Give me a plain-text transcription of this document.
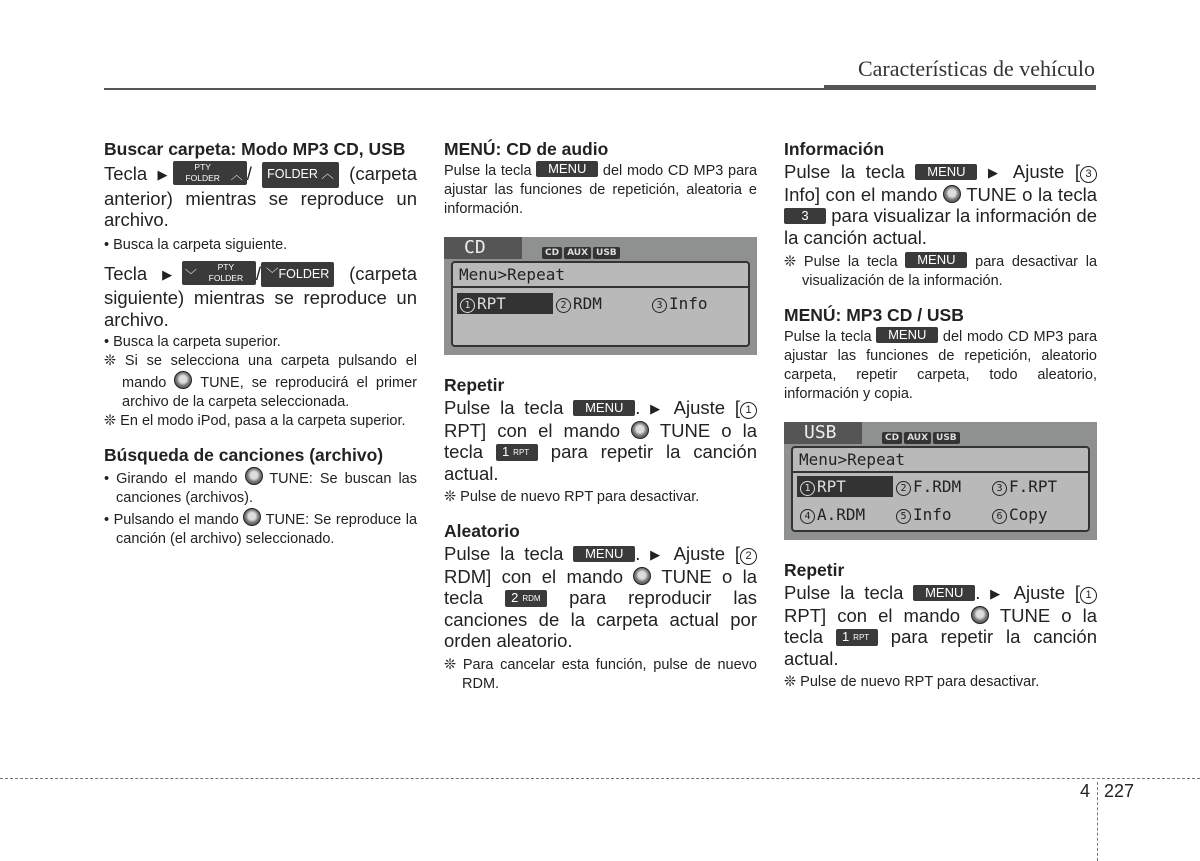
Características de vehículo

Buscar carpeta: Modo MP3 CD, USB

Tecla ▶	PTY
FOLDER ︿ / FOLDER ︿ (carpeta anterior) mientras se reproduce un archivo.

• Busca la carpeta siguiente.

Tecla ▶ ﹀
PTY
FOLDER / ﹀FOLDER (carpeta siguiente) mientras se reproduce un archivo.

• Busca la carpeta superior.

❊ Si se selecciona una carpeta pulsando el mando TUNE, se reproducirá el primer archivo de la carpeta seleccionada.

❊ En el modo iPod, pasa a la carpeta superior.

Búsqueda de canciones (archivo)

• Girando el mando TUNE: Se buscan las canciones (archivos).

• Pulsando el mando TUNE: Se reproduce la canción (el archivo) seleccionado.

MENÚ: CD de audio

Pulse la tecla MENU del modo CD MP3 para ajustar las funciones de repetición, aleatoria e información.

CD	CD AUX USB
Menu>Repeat
1 RPT	2 RDM	3 Info

Repetir

Pulse la tecla MENU . ▶ Ajuste [ 1 RPT] con el mando TUNE o la tecla 1 RPT para repetir la canción actual.

❊ Pulse de nuevo RPT para desactivar.

Aleatorio

Pulse la tecla MENU . ▶ Ajuste [ 2 RDM] con el mando TUNE o la tecla 2 RDM para reproducir las canciones de la carpeta actual por orden aleatorio.

❊ Para cancelar esta función, pulse de nuevo RDM.

Información

Pulse la tecla MENU ▶ Ajuste [ 3 Info] con el mando TUNE o la tecla 3 para visualizar la información de la canción actual.

❊ Pulse la tecla MENU para desactivar la visualización de la información.

MENÚ: MP3 CD / USB

Pulse la tecla MENU del modo CD MP3 para ajustar las funciones de repetición, aleatorio carpeta, repetir carpeta, todo aleatorio, información y copia.

USB	CD AUX USB
Menu>Repeat
1 RPT	2 F.RDM	3 F.RPT
4 A.RDM	5 Info	6 Copy

Repetir

Pulse la tecla MENU . ▶ Ajuste [ 1 RPT] con el mando TUNE o la tecla 1 RPT para repetir la canción actual.

❊ Pulse de nuevo RPT para desactivar.

4 227
